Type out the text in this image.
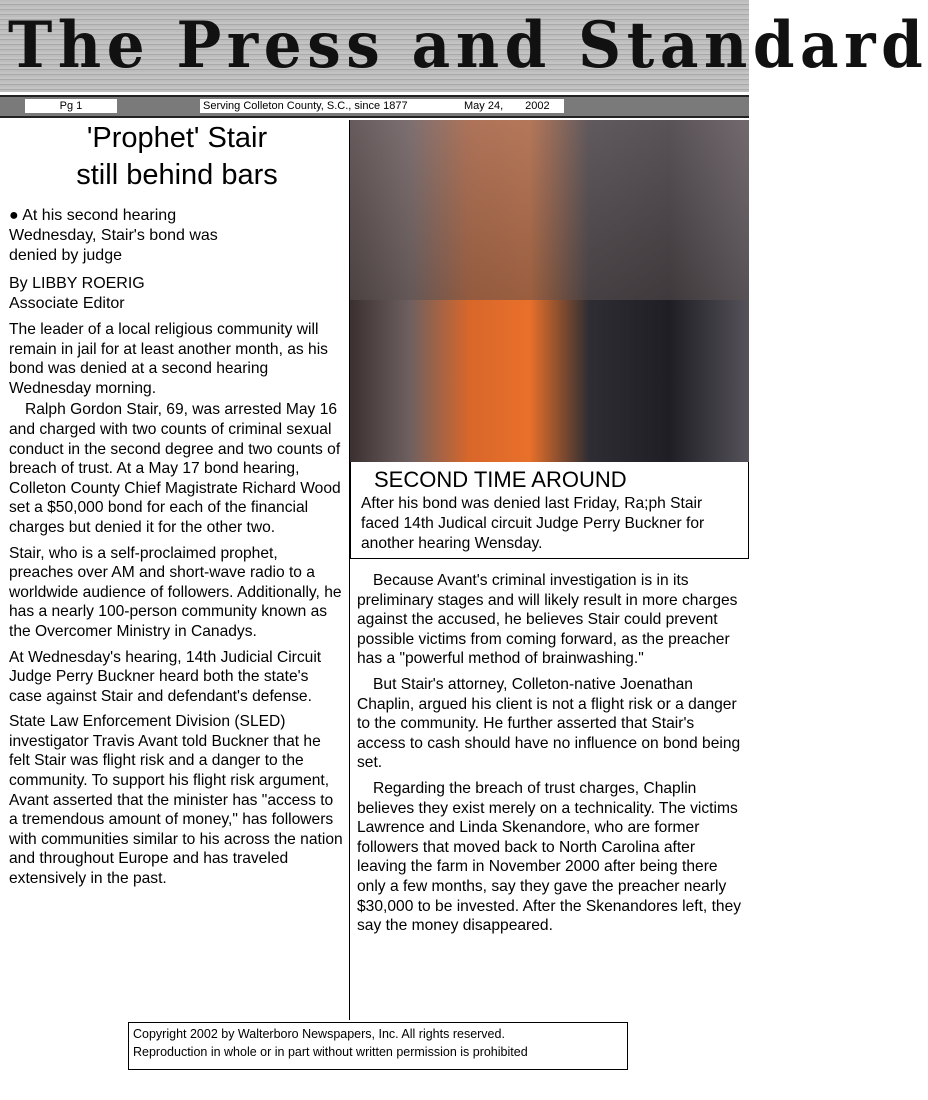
The Press and Standard
Pg 1	Serving Colleton County, S.C., since 1877	May 24, 2002
'Prophet' Stair
still behind bars
● At his second hearing Wednesday, Stair's bond was denied by judge
By LIBBY ROERIG
Associate Editor

The leader of a local religious community will remain in jail for at least another month, as his bond was denied at a second hearing Wednesday morning.

Ralph Gordon Stair, 69, was arrested May 16 and charged with two counts of criminal sexual conduct in the second degree and two counts of breach of trust. At a May 17 bond hearing, Colleton County Chief Magistrate Richard Wood set a $50,000 bond for each of the financial charges but denied it for the other two.

Stair, who is a self-proclaimed prophet, preaches over AM and short-wave radio to a worldwide audience of followers. Additionally, he has a nearly 100-person community known as the Overcomer Ministry in Canadys.

At Wednesday's hearing, 14th Judicial Circuit Judge Perry Buckner heard both the state's case against Stair and defendant's defense.

State Law Enforcement Division (SLED) investigator Travis Avant told Buckner that he felt Stair was flight risk and a danger to the community. To support his flight risk argument, Avant asserted that the minister has "access to a tremendous amount of money," has followers with communities similar to his across the nation and throughout Europe and has traveled extensively in the past.

SECOND TIME AROUND
After his bond was denied last Friday, Ra;ph Stair faced 14th Judical circuit Judge Perry Buckner for another hearing Wensday.

Because Avant's criminal investigation is in its preliminary stages and will likely result in more charges against the accused, he believes Stair could prevent possible victims from coming forward, as the preacher has a "powerful method of brainwashing."

But Stair's attorney, Colleton-native Joenathan Chaplin, argued his client is not a flight risk or a danger to the community. He further asserted that Stair's access to cash should have no influence on bond being set.

Regarding the breach of trust charges, Chaplin believes they exist merely on a technicality. The victims Lawrence and Linda Skenandore, who are former followers that moved back to North Carolina after leaving the farm in November 2000 after being there only a few months, say they gave the preacher nearly $30,000 to be invested. After the Skenandores left, they say the money disappeared.

Copyright 2002 by Walterboro Newspapers, Inc. All rights reserved.
Reproduction in whole or in part without written permission is prohibited
